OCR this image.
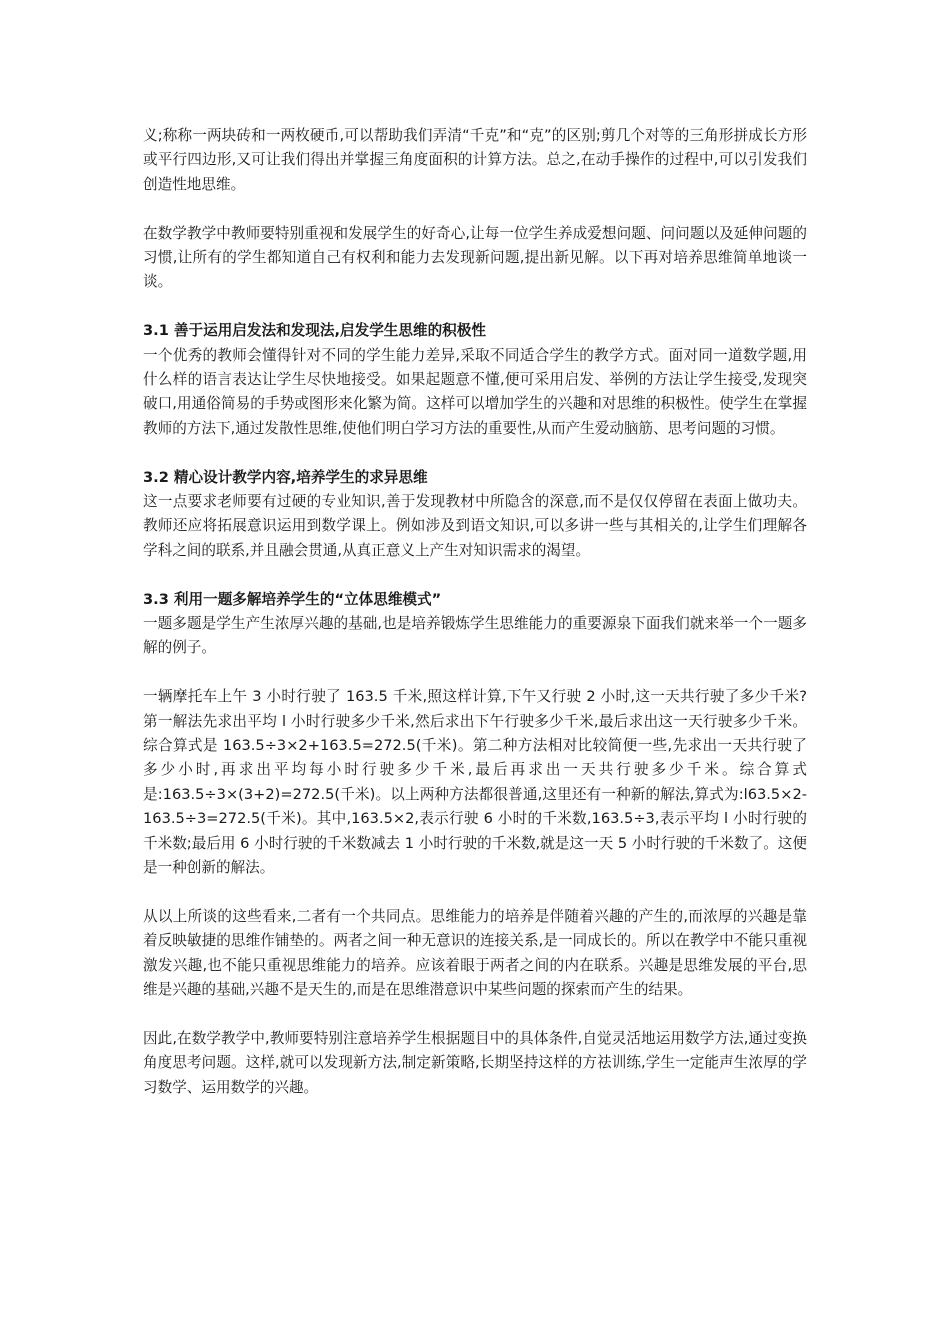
义;称称一两块砖和一两枚硬币,可以帮助我们弄清“千克”和“克”的区别;剪几个对等的三角形拼成长方形或平行四边形,又可让我们得出并掌握三角度面积的计算方法。总之,在动手操作的过程中,可以引发我们创造性地思维。

在数学教学中教师要特别重视和发展学生的好奇心,让每一位学生养成爱想问题、问问题以及延伸问题的习惯,让所有的学生都知道自己有权利和能力去发现新问题,提出新见解。以下再对培养思维简单地谈一谈。

3.1 善于运用启发法和发现法,启发学生思维的积极性

一个优秀的教师会懂得针对不同的学生能力差异,采取不同适合学生的教学方式。面对同一道数学题,用什么样的语言表达让学生尽快地接受。如果起题意不懂,便可采用启发、举例的方法让学生接受,发现突破口,用通俗简易的手势或图形来化繁为简。这样可以增加学生的兴趣和对思维的积极性。使学生在掌握教师的方法下,通过发散性思维,使他们明白学习方法的重要性,从而产生爱动脑筋、思考问题的习惯。

3.2 精心设计教学内容,培养学生的求异思维

这一点要求老师要有过硬的专业知识,善于发现教材中所隐含的深意,而不是仅仅停留在表面上做功夫。教师还应将拓展意识运用到数学课上。例如涉及到语文知识,可以多讲一些与其相关的,让学生们理解各学科之间的联系,并且融会贯通,从真正意义上产生对知识需求的渴望。

3.3 利用一题多解培养学生的“立体思维模式”

一题多题是学生产生浓厚兴趣的基础,也是培养锻炼学生思维能力的重要源泉下面我们就来举一个一题多解的例子。

一辆摩托车上午 3 小时行驶了 163.5 千米,照这样计算,下午又行驶 2 小时,这一天共行驶了多少千米?第一解法先求出平均 l 小时行驶多少千米,然后求出下午行驶多少千米,最后求出这一天行驶多少千米。综合算式是 163.5÷3×2+163.5=272.5(千米)。第二种方法相对比较简便一些,先求出一天共行驶了多少小时,再求出平均每小时行驶多少千米,最后再求出一天共行驶多少千米。综合算式是:163.5÷3×(3+2)=272.5(千米)。以上两种方法都很普通,这里还有一种新的解法,算式为:l63.5×2-163.5÷3=272.5(千米)。其中,163.5×2,表示行驶 6 小时的千米数,163.5÷3,表示平均 l 小时行驶的千米数;最后用 6 小时行驶的千米数减去 1 小时行驶的千米数,就是这一天 5 小时行驶的千米数了。这便是一种创新的解法。

从以上所谈的这些看来,二者有一个共同点。思维能力的培养是伴随着兴趣的产生的,而浓厚的兴趣是靠着反映敏捷的思维作铺垫的。两者之间一种无意识的连接关系,是一同成长的。所以在教学中不能只重视激发兴趣,也不能只重视思维能力的培养。应该着眼于两者之间的内在联系。兴趣是思维发展的平台,思维是兴趣的基础,兴趣不是天生的,而是在思维潜意识中某些问题的探索而产生的结果。

因此,在数学教学中,教师要特别注意培养学生根据题目中的具体条件,自觉灵活地运用数学方法,通过变换角度思考问题。这样,就可以发现新方法,制定新策略,长期坚持这样的方祛训练,学生一定能声生浓厚的学习数学、运用数学的兴趣。
